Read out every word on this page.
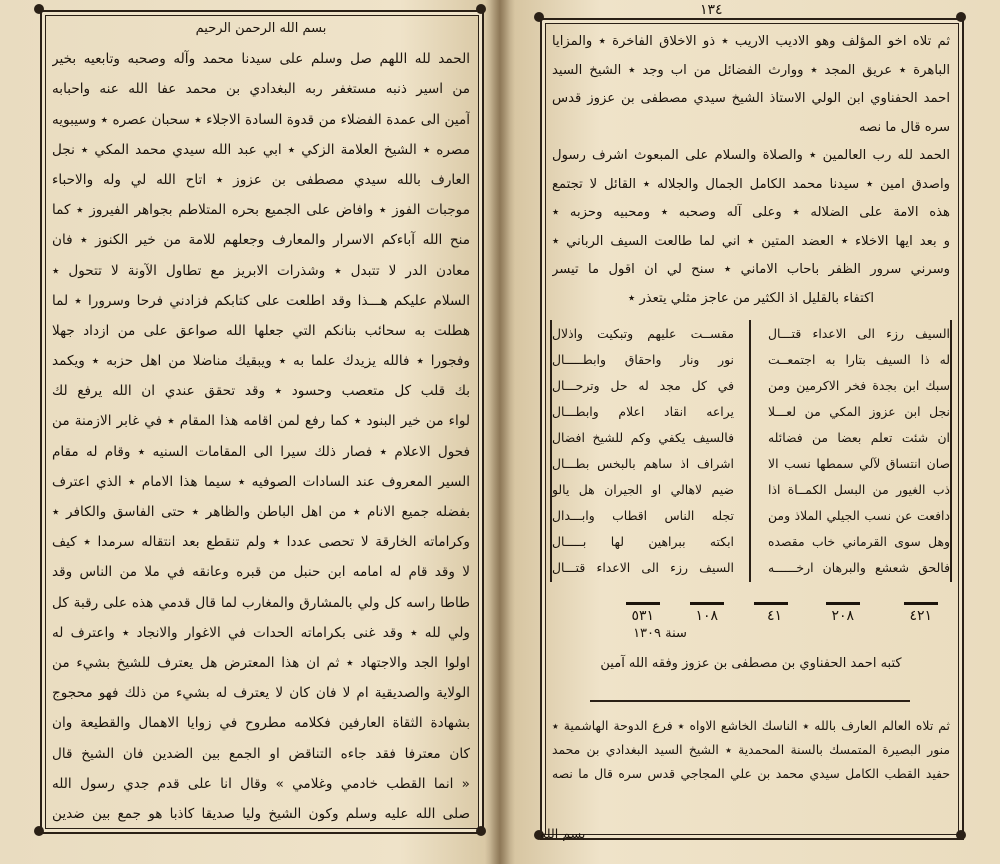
بسم الله الرحمن الرحيم
الحمد لله اللهم صل وسلم على سيدنا محمد وآله وصحبه وتابعيه بخير
من اسير ذنبه مستغفر ربه البغدادي بن محمد عفا الله عنه واحبابه
آمين الى عمدة الفضلاء من قدوة السادة الاجلاء ٭ سحبان عصره ٭ وسيبويه
مصره ٭ الشيخ العلامة الزكي ٭ ابي عبد الله سيدي محمد المكي ٭ نجل
العارف بالله سيدي مصطفى بن عزوز ٭ اتاح الله لي وله والاحباء
موجبات الفوز ٭ وافاض على الجميع بحره المتلاطم بجواهر الفيروز ٭ كما
منح الله آباءكم الاسرار والمعارف وجعلهم للامة من خير الكنوز ٭ فان
معادن الدر لا تتبدل ٭ وشذرات الابريز مع تطاول الآونة لا تتحول ٭
السلام عليكم هـــذا وقد اطلعت على كتابكم فزادني فرحا وسرورا ٭ لما
هطلت به سحائب بنانكم التي جعلها الله صواعق على من ازداد جهلا
وفجورا ٭ فالله يزيدك علما به ٭ ويبقيك مناضلا من اهل حزبه ٭ ويكمد
بك قلب كل متعصب وحسود ٭ وقد تحقق عندي ان الله يرفع لك
لواء من خير البنود ٭ كما رفع لمن اقامه هذا المقام ٭ في غابر الازمنة من
فحول الاعلام ٭ فصار ذلك سيرا الى المقامات السنيه ٭ وقام له مقام
السير المعروف عند السادات الصوفيه ٭ سيما هذا الامام ٭ الذي اعترف
بفضله جميع الانام ٭ من اهل الباطن والظاهر ٭ حتى الفاسق والكافر ٭
وكراماته الخارقة لا تحصى عددا ٭ ولم تنقطع بعد انتقاله سرمدا ٭ كيف
لا وقد قام له امامه ابن حنبل من قبره وعانقه في ملا من الناس وقد
طاطا راسه كل ولي بالمشارق والمغارب لما قال قدمي هذه على رقبة كل
ولي لله ٭ وقد غنى بكراماته الحدات في الاغوار والانجاد ٭ واعترف له
اولوا الجد والاجتهاد ٭ ثم ان هذا المعترض هل يعترف للشيخ بشيء من
الولاية والصديقية ام لا فان كان لا يعترف له بشيء من ذلك فهو محجوج
بشهادة الثقاة العارفين فكلامه مطروح في زوايا الاهمال والقطيعة وان
كان معترفا فقد جاءه التناقض او الجمع بين الضدين فان الشيخ قال
« انما القطب خادمي وغلامي » وقال انا على قدم جدي رسول الله
صلى الله عليه وسلم وكون الشيخ وليا صديقا كاذبا هو جمع بين ضدين
ثم تلاه اخو المؤلف وهو الاديب الاريب ٭ ذو الاخلاق الفاخرة ٭ والمزايا
الباهرة ٭ عريق المجد ٭ ووارث الفضائل من اب وجد ٭ الشيخ السيد
احمد الحفناوي ابن الولي الاستاذ الشيخ سيدي مصطفى بن عزوز قدس
سره قال ما نصه
الحمد لله رب العالمين ٭ والصلاة والسلام على المبعوث اشرف رسول
واصدق امين ٭ سيدنا محمد الكامل الجمال والجلاله ٭ القائل لا تجتمع
هذه الامة على الضلاله ٭ وعلى آله وصحبه ٭ ومحبيه وحزبه ٭
و بعد ايها الاخلاء ٭ العضد المتين ٭ اني لما طالعت السيف الرباني ٭
وسرني سرور الظفر باحاب الاماني ٭ سنح لي ان اقول ما تيسر
اكتفاء بالقليل اذ الكثير من عاجز مثلي يتعذر ٭
السيف رزء الى الاعداء قتـــال
مقســت عليهم وتبكيت واذلال
له ذا السيف بتارا به اجتمعــت
نور ونار واحقاق وابطـــــال
سبك ابن بجدة فخر الاكرمين ومن
في كل مجد له حل وترحـــال
نجل ابن عزوز المكي من لعـــلا
يراعه انقاد اعلام وابطـــال
ان شئت تعلم بعضا من فضائله
فالسيف يكفي وكم للشيخ افضال
صان انتساق لآلي سمطها نسب الا
اشراف اذ ساهم بالبخس بطـــال
ذب الغيور من البسل الكمــاة اذا
ضيم لاهالي او الجيران هل يالو
دافعت عن نسب الجيلي الملاذ ومن
تجله الناس اقطاب وابـــدال
وهل سوى القرماني خاب مقصده
ابكته ببراهين لها بـــــال
فالحق شعشع والبرهان ارخــــــه
السيف رزء الى الاعداء قتـــال
١٣٤
٤٢١
٢٠٨
٤١
١٠٨
٥٣١
سنة ١٣٠٩
كتبه احمد الحفناوي بن مصطفى بن عزوز وفقه الله آمين
ثم تلاه العالم العارف بالله ٭ الناسك الخاشع الاواه ٭ فرع الدوحة الهاشمية ٭
منور البصيرة المتمسك بالسنة المحمدية ٭ الشيخ السيد البغدادي بن محمد
حفيد القطب الكامل سيدي محمد بن علي المجاجي قدس سره قال ما نصه
بسم الله
